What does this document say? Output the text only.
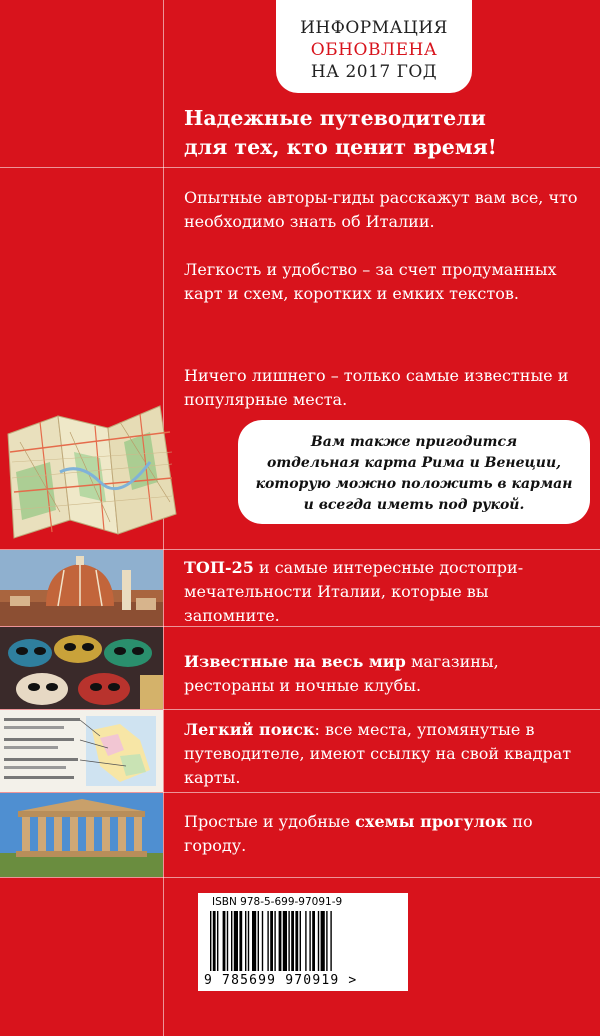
ИНФОРМАЦИЯ
ОБНОВЛЕНА
НА 2017 ГОД
Надежные путеводители
для тех, кто ценит время!
Опытные авторы-гиды расскажут вам все, что необходимо знать об Италии.
Легкость и удобство – за счет продуманных карт и схем, коротких и емких текстов.
Ничего лишнего – только самые известные и популярные места.
Вам также пригодится
отдельная карта Рима и Венеции,
которую можно положить в карман
и всегда иметь под рукой.
ТОП-25 и самые интересные достопри-мечательности Италии, которые вы запомните.
Известные на весь мир магазины, рестораны и ночные клубы.
Легкий поиск: все места, упомянутые в путеводителе, имеют ссылку на свой квадрат карты.
Простые и удобные схемы прогулок по городу.
ISBN 978-5-699-97091-9
9 785699 970919 >
